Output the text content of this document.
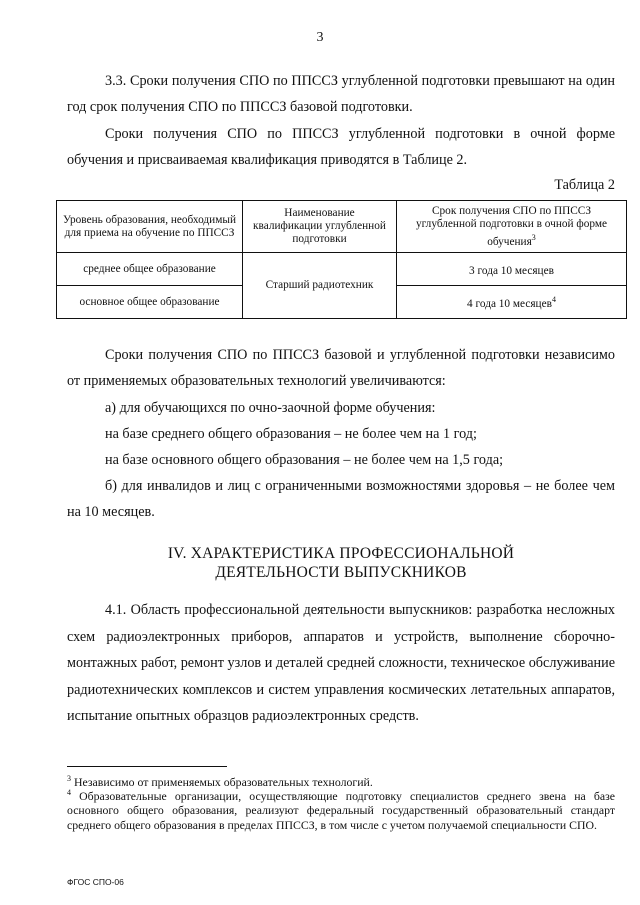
3
3.3. Сроки получения СПО по ППССЗ углубленной подготовки превышают на один год срок получения СПО по ППССЗ базовой подготовки.
Сроки получения СПО по ППССЗ углубленной подготовки в очной форме обучения и присваиваемая квалификация приводятся в Таблице 2.
Таблица 2
Уровень образования, необходимый для приема на обучение по ППССЗ	Наименование квалификации углубленной подготовки	Срок получения СПО по ППССЗ углубленной подготовки в очной форме обучения$^3$
среднее общее образование	Старший радиотехник	3 года 10 месяцев
основное общее образование		4 года 10 месяцев$^4$
Сроки получения СПО по ППССЗ базовой и углубленной подготовки независимо от применяемых образовательных технологий увеличиваются:
а) для обучающихся по очно-заочной форме обучения:
на базе среднего общего образования – не более чем на 1 год;
на базе основного общего образования – не более чем на 1,5 года;
б) для инвалидов и лиц с ограниченными возможностями здоровья – не более чем на 10 месяцев.
IV. ХАРАКТЕРИСТИКА ПРОФЕССИОНАЛЬНОЙ
ДЕЯТЕЛЬНОСТИ ВЫПУСКНИКОВ
4.1. Область профессиональной деятельности выпускников: разработка несложных схем радиоэлектронных приборов, аппаратов и устройств, выполнение сборочно-монтажных работ, ремонт узлов и деталей средней сложности, техническое обслуживание радиотехнических комплексов и систем управления космических летательных аппаратов, испытание опытных образцов радиоэлектронных средств.
$^3$ Независимо от применяемых образовательных технологий.
$^4$ Образовательные организации, осуществляющие подготовку специалистов среднего звена на базе основного общего образования, реализуют федеральный государственный образовательный стандарт среднего общего образования в пределах ППССЗ, в том числе с учетом получаемой специальности СПО.
ФГОС СПО-06
